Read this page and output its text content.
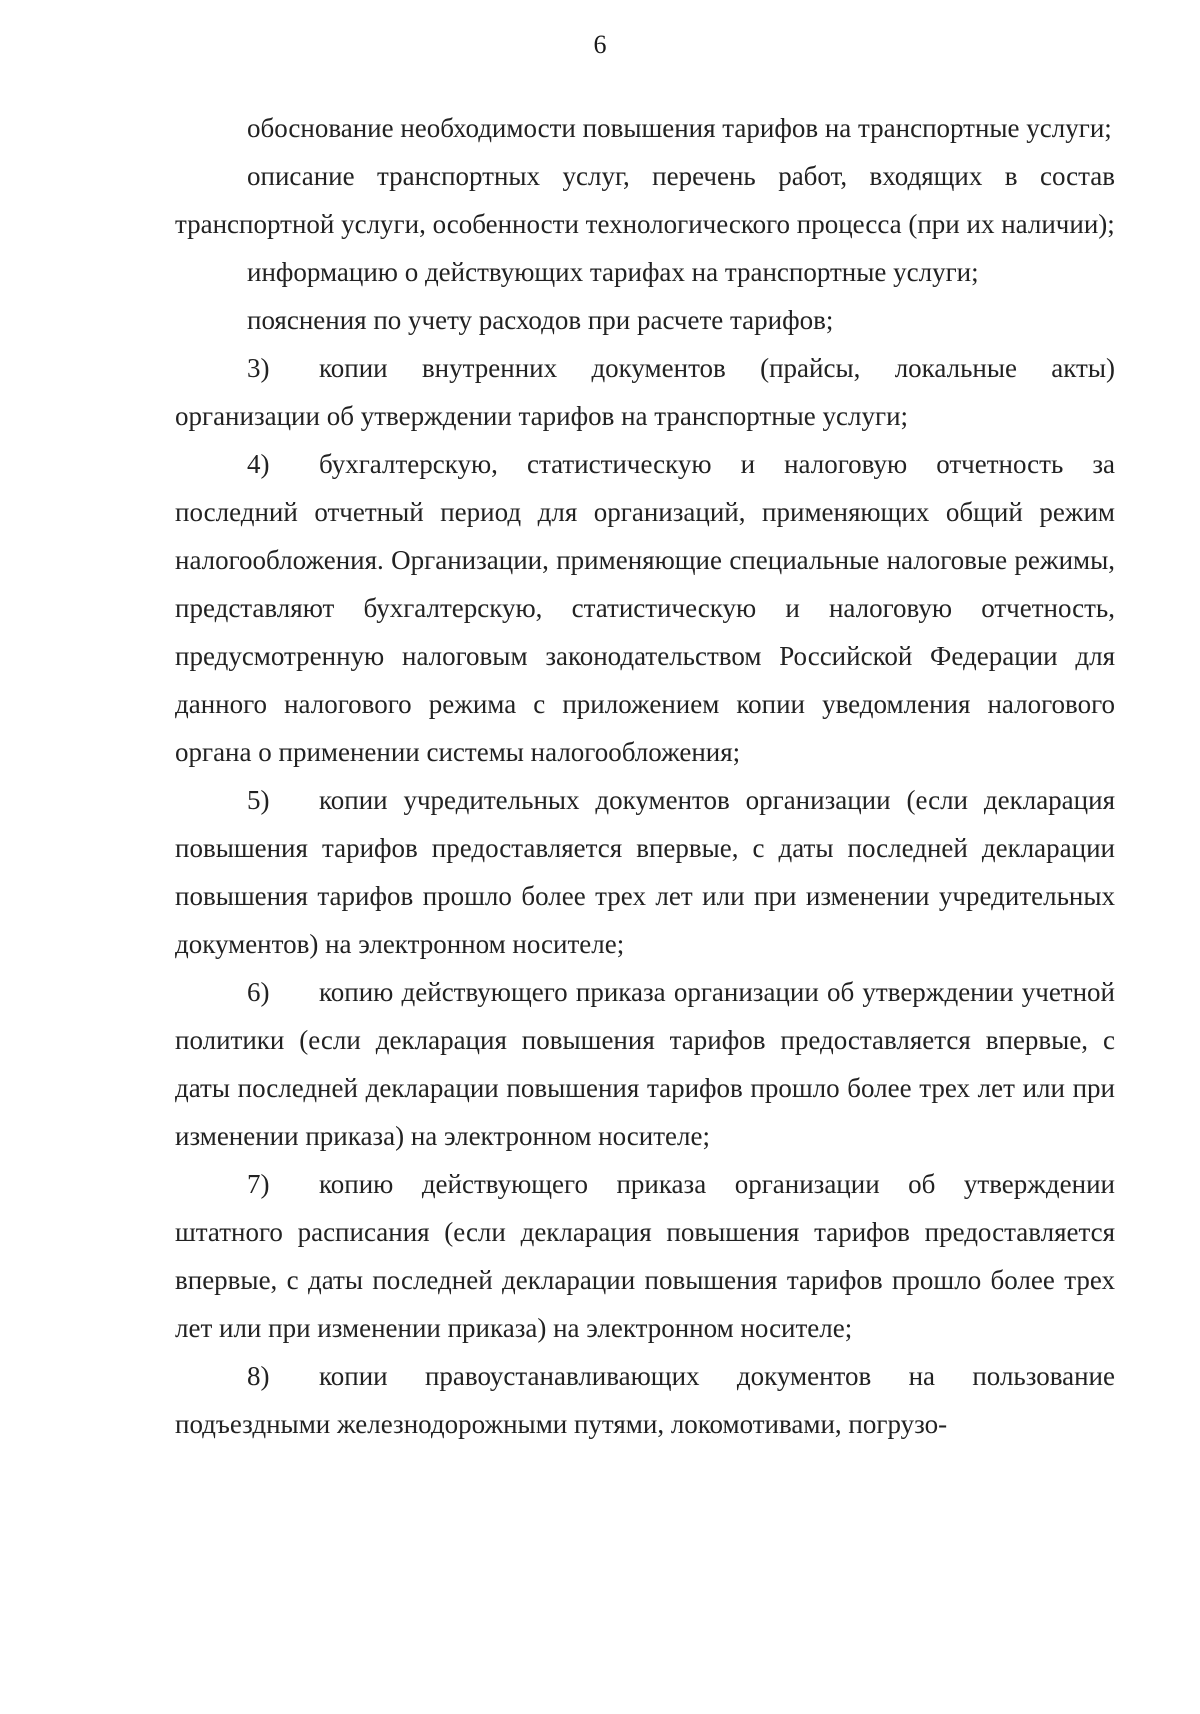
6

обоснование необходимости повышения тарифов на транспортные услуги;

описание транспортных услуг, перечень работ, входящих в состав транспортной услуги, особенности технологического процесса (при их наличии);

информацию о действующих тарифах на транспортные услуги;

пояснения по учету расходов при расчете тарифов;

3) копии внутренних документов (прайсы, локальные акты) организации об утверждении тарифов на транспортные услуги;

4) бухгалтерскую, статистическую и налоговую отчетность за последний отчетный период для организаций, применяющих общий режим налогообложения. Организации, применяющие специальные налоговые режимы, представляют бухгалтерскую, статистическую и налоговую отчетность, предусмотренную налоговым законодательством Российской Федерации для данного налогового режима с приложением копии уведомления налогового органа о применении системы налогообложения;

5) копии учредительных документов организации (если декларация повышения тарифов предоставляется впервые, с даты последней декларации повышения тарифов прошло более трех лет или при изменении учредительных документов) на электронном носителе;

6) копию действующего приказа организации об утверждении учетной политики (если декларация повышения тарифов предоставляется впервые, с даты последней декларации повышения тарифов прошло более трех лет или при изменении приказа) на электронном носителе;

7) копию действующего приказа организации об утверждении штатного расписания (если декларация повышения тарифов предоставляется впервые, с даты последней декларации повышения тарифов прошло более трех лет или при изменении приказа) на электронном носителе;

8) копии правоустанавливающих документов на пользование подъездными железнодорожными путями, локомотивами, погрузо-
